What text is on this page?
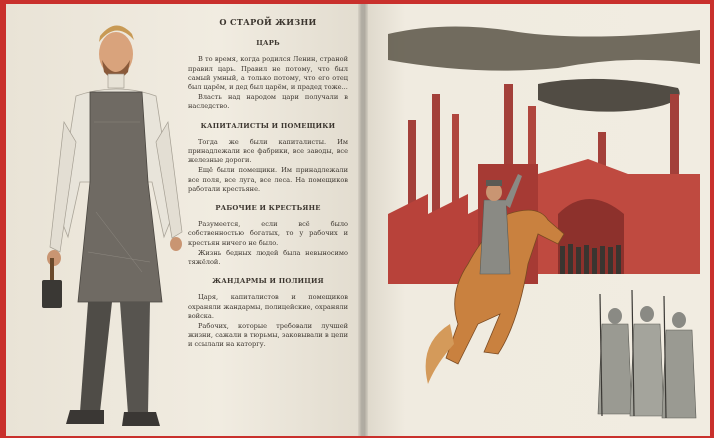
О СТАРОЙ ЖИЗНИ
ЦАРЬ

В то время, когда родился Ленин, страной правил царь. Правил не потому, что был самый умный, а только потому, что его отец был царём, и дед был царём, и прадед тоже...

Власть над народом цари получали в наследство.

КАПИТАЛИСТЫ И ПОМЕЩИКИ

Тогда же были капиталисты. Им принадлежали все фабрики, все заводы, все железные дороги.

Ещё были помещики. Им принадлежали все поля, все луга, все леса. На помещиков работали крестьяне.

РАБОЧИЕ И КРЕСТЬЯНЕ

Разумеется, если всё было собственностью богатых, то у рабочих и крестьян ничего не было.

Жизнь бедных людей была невыносимо тяжёлой.

ЖАНДАРМЫ И ПОЛИЦИЯ

Царя, капиталистов и помещиков охраняли жандармы, полицейские, охраняли войска.

Рабочих, которые требовали лучшей жизни, сажали в тюрьмы, заковывали в цепи и ссылали на каторгу.
